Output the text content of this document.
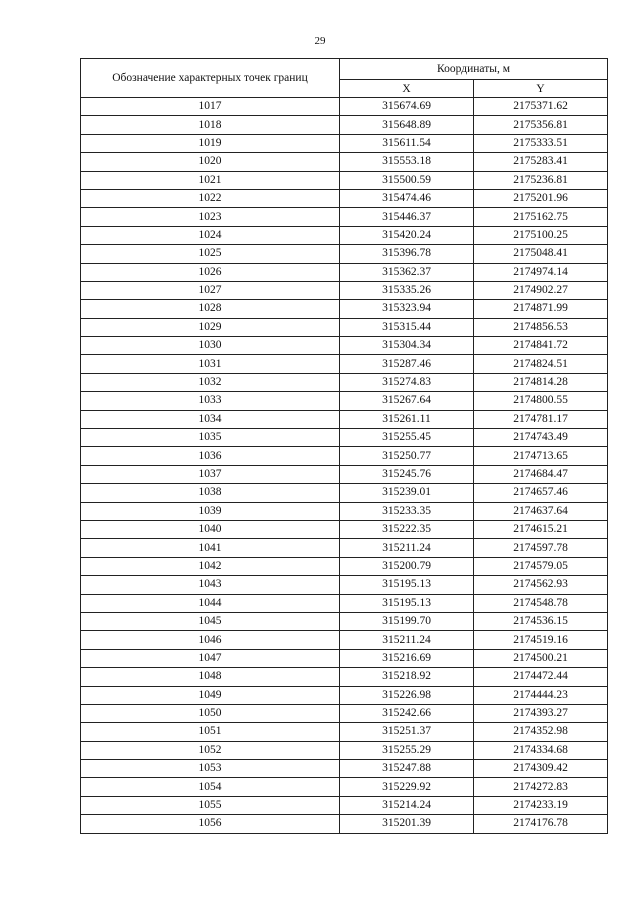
29
Обозначение характерных точек границ	Координаты, м	
	X	Y
1017	315674.69	2175371.62
1018	315648.89	2175356.81
1019	315611.54	2175333.51
1020	315553.18	2175283.41
1021	315500.59	2175236.81
1022	315474.46	2175201.96
1023	315446.37	2175162.75
1024	315420.24	2175100.25
1025	315396.78	2175048.41
1026	315362.37	2174974.14
1027	315335.26	2174902.27
1028	315323.94	2174871.99
1029	315315.44	2174856.53
1030	315304.34	2174841.72
1031	315287.46	2174824.51
1032	315274.83	2174814.28
1033	315267.64	2174800.55
1034	315261.11	2174781.17
1035	315255.45	2174743.49
1036	315250.77	2174713.65
1037	315245.76	2174684.47
1038	315239.01	2174657.46
1039	315233.35	2174637.64
1040	315222.35	2174615.21
1041	315211.24	2174597.78
1042	315200.79	2174579.05
1043	315195.13	2174562.93
1044	315195.13	2174548.78
1045	315199.70	2174536.15
1046	315211.24	2174519.16
1047	315216.69	2174500.21
1048	315218.92	2174472.44
1049	315226.98	2174444.23
1050	315242.66	2174393.27
1051	315251.37	2174352.98
1052	315255.29	2174334.68
1053	315247.88	2174309.42
1054	315229.92	2174272.83
1055	315214.24	2174233.19
1056	315201.39	2174176.78
